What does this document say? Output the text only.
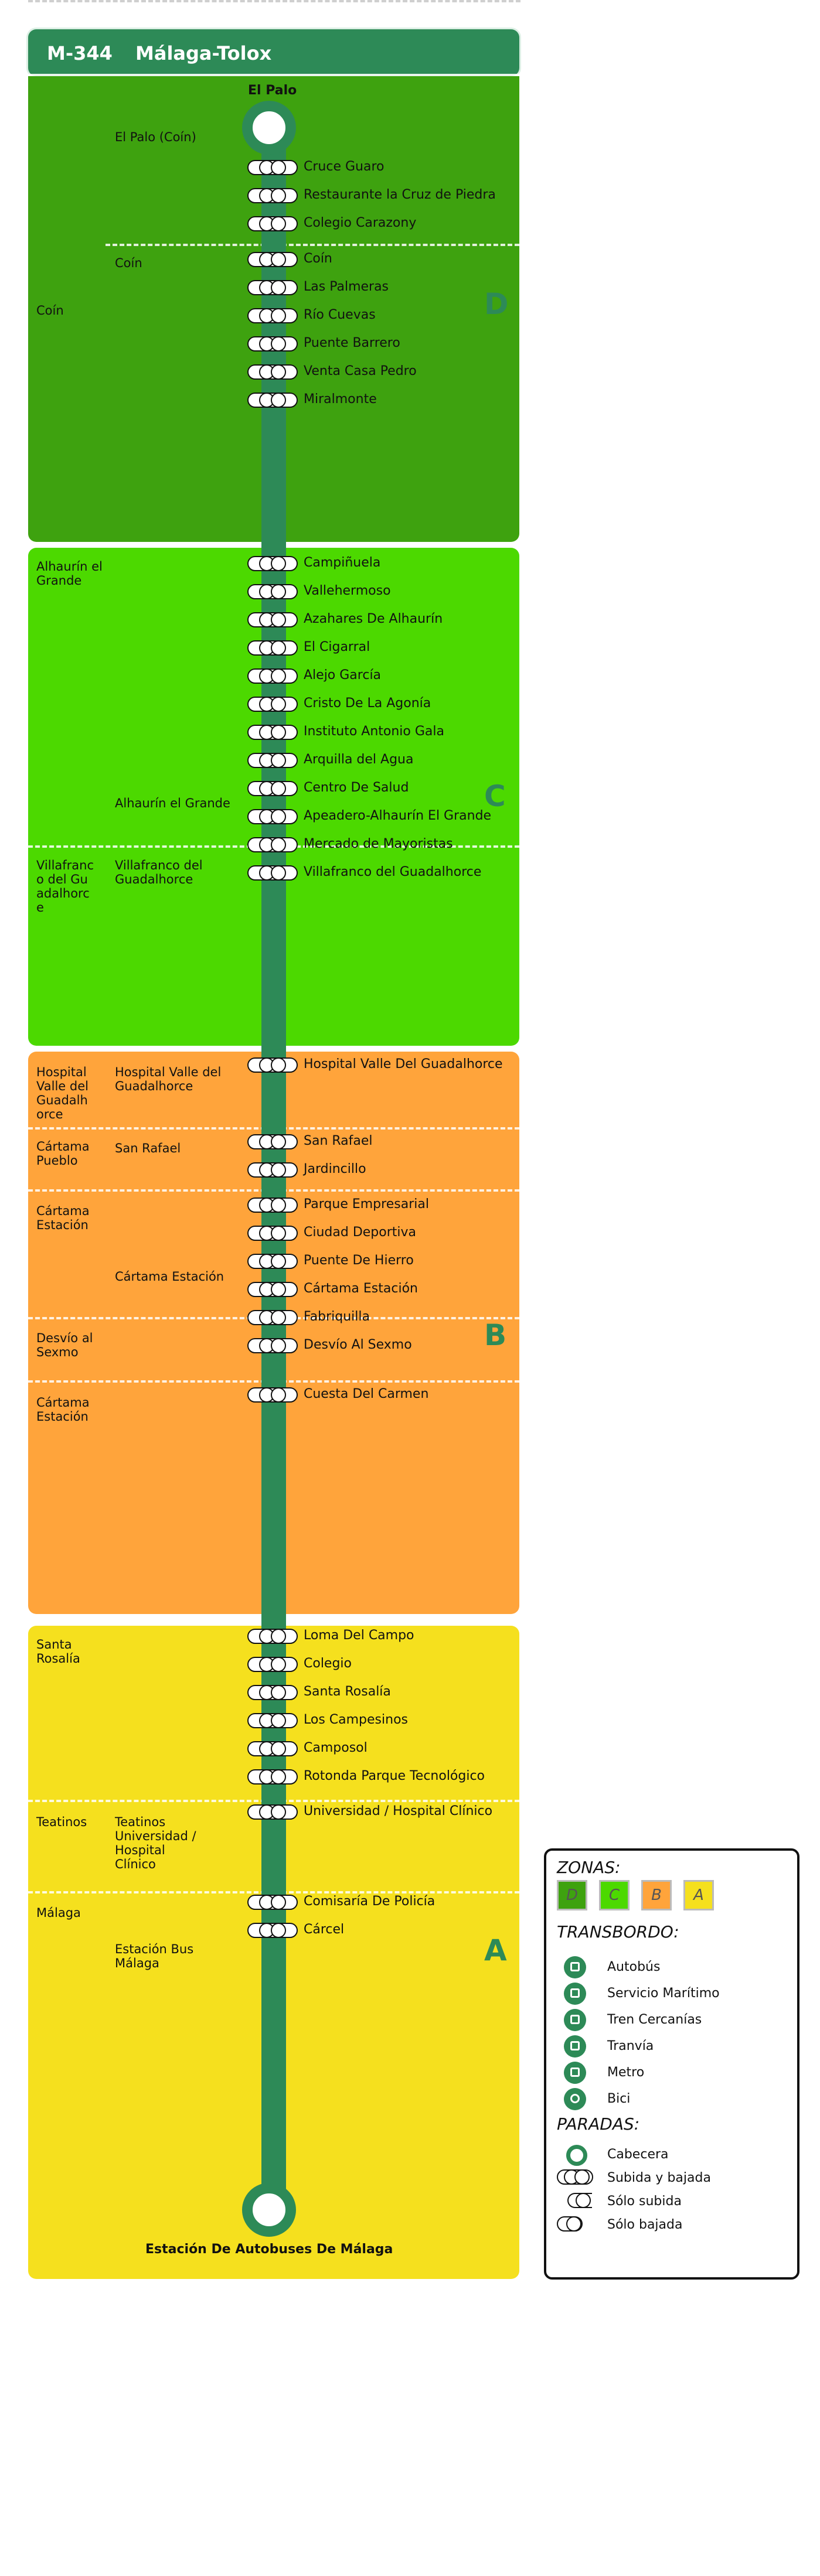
M-344 Málaga-Tolox
D
C
B
A
Coín
Alhaurín el Grande
Villafranco del Guadalhorce
Hospital Valle del Guadalhorce
Cártama Pueblo
Cártama Estación
Desvío al Sexmo
Cártama Estación
Santa Rosalía
Teatinos
Málaga
El Palo (Coín)
Coín
Alhaurín el Grande
Villafranco del Guadalhorce
Hospital Valle del Guadalhorce
San Rafael
Cártama Estación
Teatinos Universidad / Hospital Clínico
Estación Bus Málaga
El Palo
Estación De Autobuses De Málaga
Cruce Guaro
Restaurante la Cruz de Piedra
Colegio Carazony
Coín
Las Palmeras
Río Cuevas
Puente Barrero
Venta Casa Pedro
Miralmonte
Campiñuela
Vallehermoso
Azahares De Alhaurín
El Cigarral
Alejo García
Cristo De La Agonía
Instituto Antonio Gala
Arquilla del Agua
Centro De Salud
Apeadero-Alhaurín El Grande
Mercado de Mayoristas
Villafranco del Guadalhorce
Hospital Valle Del Guadalhorce
San Rafael
Jardincillo
Parque Empresarial
Ciudad Deportiva
Puente De Hierro
Cártama Estación
Fabriquilla
Desvío Al Sexmo
Cuesta Del Carmen
Loma Del Campo
Colegio
Santa Rosalía
Los Campesinos
Camposol
Rotonda Parque Tecnológico
Universidad / Hospital Clínico
Comisaría De Policía
Cárcel
ZONAS:
D	C	B	A
TRANSBORDO:
Autobús
Servicio Marítimo
Tren Cercanías
Tranvía
Metro
Bici
PARADAS:
Cabecera
Subida y bajada
Sólo subida
Sólo bajada
